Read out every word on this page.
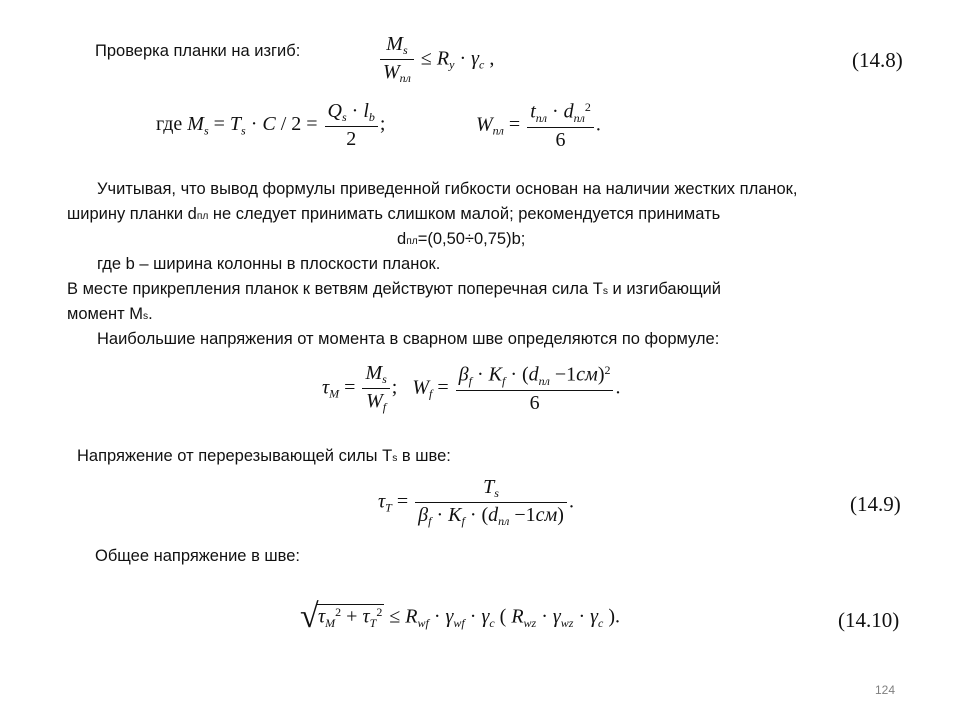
Проверка планки на изгиб:	$\frac{M_s}{W_{пл}} \le R_y \cdot \gamma_c$ ,	(14.8)
где $M_s = T_s \cdot C / 2 = \frac{Q_s \cdot l_b}{2}$ ;	$W_{пл} = \frac{t_{пл} \cdot d_{пл}^2}{6}$ .
Учитывая, что вывод формулы приведенной гибкости основан на наличии жестких планок,
ширину планки dпл не следует принимать слишком малой; рекомендуется принимать
dпл=(0,50÷0,75)b;
где b – ширина колонны в плоскости планок.
В месте прикрепления планок к ветвям действуют поперечная сила Ts и изгибающий
момент Ms.
Наибольшие напряжения от момента в сварном шве определяются по формуле:
$\tau_M = \frac{M_s}{W_f}$ ;   $W_f = \frac{\beta_f \cdot K_f \cdot (d_{пл} -1см)^2}{6}$ .
Напряжение от перерезывающей силы Ts в шве:
$\tau_T = \frac{T_s}{\beta_f \cdot K_f \cdot (d_{пл} -1см)}$ .	(14.9)
Общее напряжение в шве:
√ $\tau_M^2 + \tau_T^2 \le R_{wf} \cdot \gamma_{wf} \cdot \gamma_c$ ( $R_{wz} \cdot \gamma_{wz} \cdot \gamma_c$ ).	(14.10)
124
